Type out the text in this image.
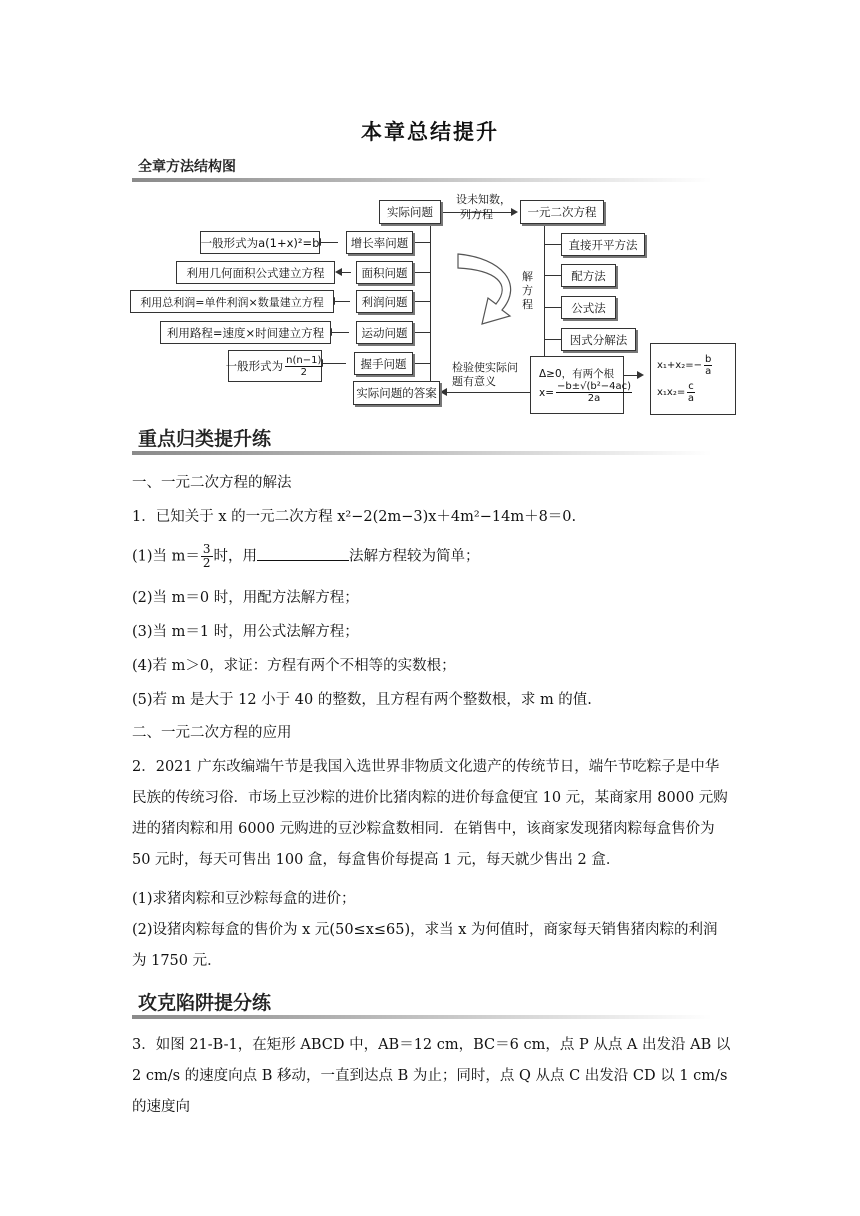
本章总结提升
全章方法结构图
实际问题
设未知数，
列方程	一元二次方程
增长率问题
面积问题
利润问题
运动问题
握手问题
实际问题的答案
一般形式为a(1+x)²=b
利用几何面积公式建立方程
利用总利润=单件利润×数量建立方程
利用路程=速度×时间建立方程
一般形式为 $\frac{n(n-1)}{2}$
解
方
程
直接开平方法
配方法
公式法
因式分解法
检验使实际问
题有意义
Δ≥0，有两个根
$x= \frac{\text{−b±√(b²−4ac)}}{2a}$
$x_1+x_2=- \frac{b}{a}$
$x_1x_2= \frac{c}{a}$
重点归类提升练
一、一元二次方程的解法
1．已知关于 x 的一元二次方程 x²−2(2m−3)x＋4m²−14m＋8＝0.
(1)当 $m= \frac{3}{2}$ 时，用	法解方程较为简单；
(2)当 m＝0 时，用配方法解方程；
(3)当 m＝1 时，用公式法解方程；
(4)若 m＞0，求证：方程有两个不相等的实数根；
(5)若 m 是大于 12 小于 40 的整数，且方程有两个整数根，求 m 的值.
二、一元二次方程的应用
2．2021 广东改编端午节是我国入选世界非物质文化遗产的传统节日，端午节吃粽子是中华民族的传统习俗．市场上豆沙粽的进价比猪肉粽的进价每盒便宜 10 元，某商家用 8000 元购进的猪肉粽和用 6000 元购进的豆沙粽盒数相同．在销售中，该商家发现猪肉粽每盒售价为 50 元时，每天可售出 100 盒，每盒售价每提高 1 元，每天就少售出 2 盒．
(1)求猪肉粽和豆沙粽每盒的进价；
(2)设猪肉粽每盒的售价为 x 元(50≤x≤65)，求当 x 为何值时，商家每天销售猪肉粽的利润为 1750 元．
攻克陷阱提分练
3．如图 21-B-1，在矩形 ABCD 中，AB＝12 cm，BC＝6 cm，点 P 从点 A 出发沿 AB 以 2 cm/s 的速度向点 B 移动，一直到达点 B 为止；同时，点 Q 从点 C 出发沿 CD 以 1 cm/s 的速度向
